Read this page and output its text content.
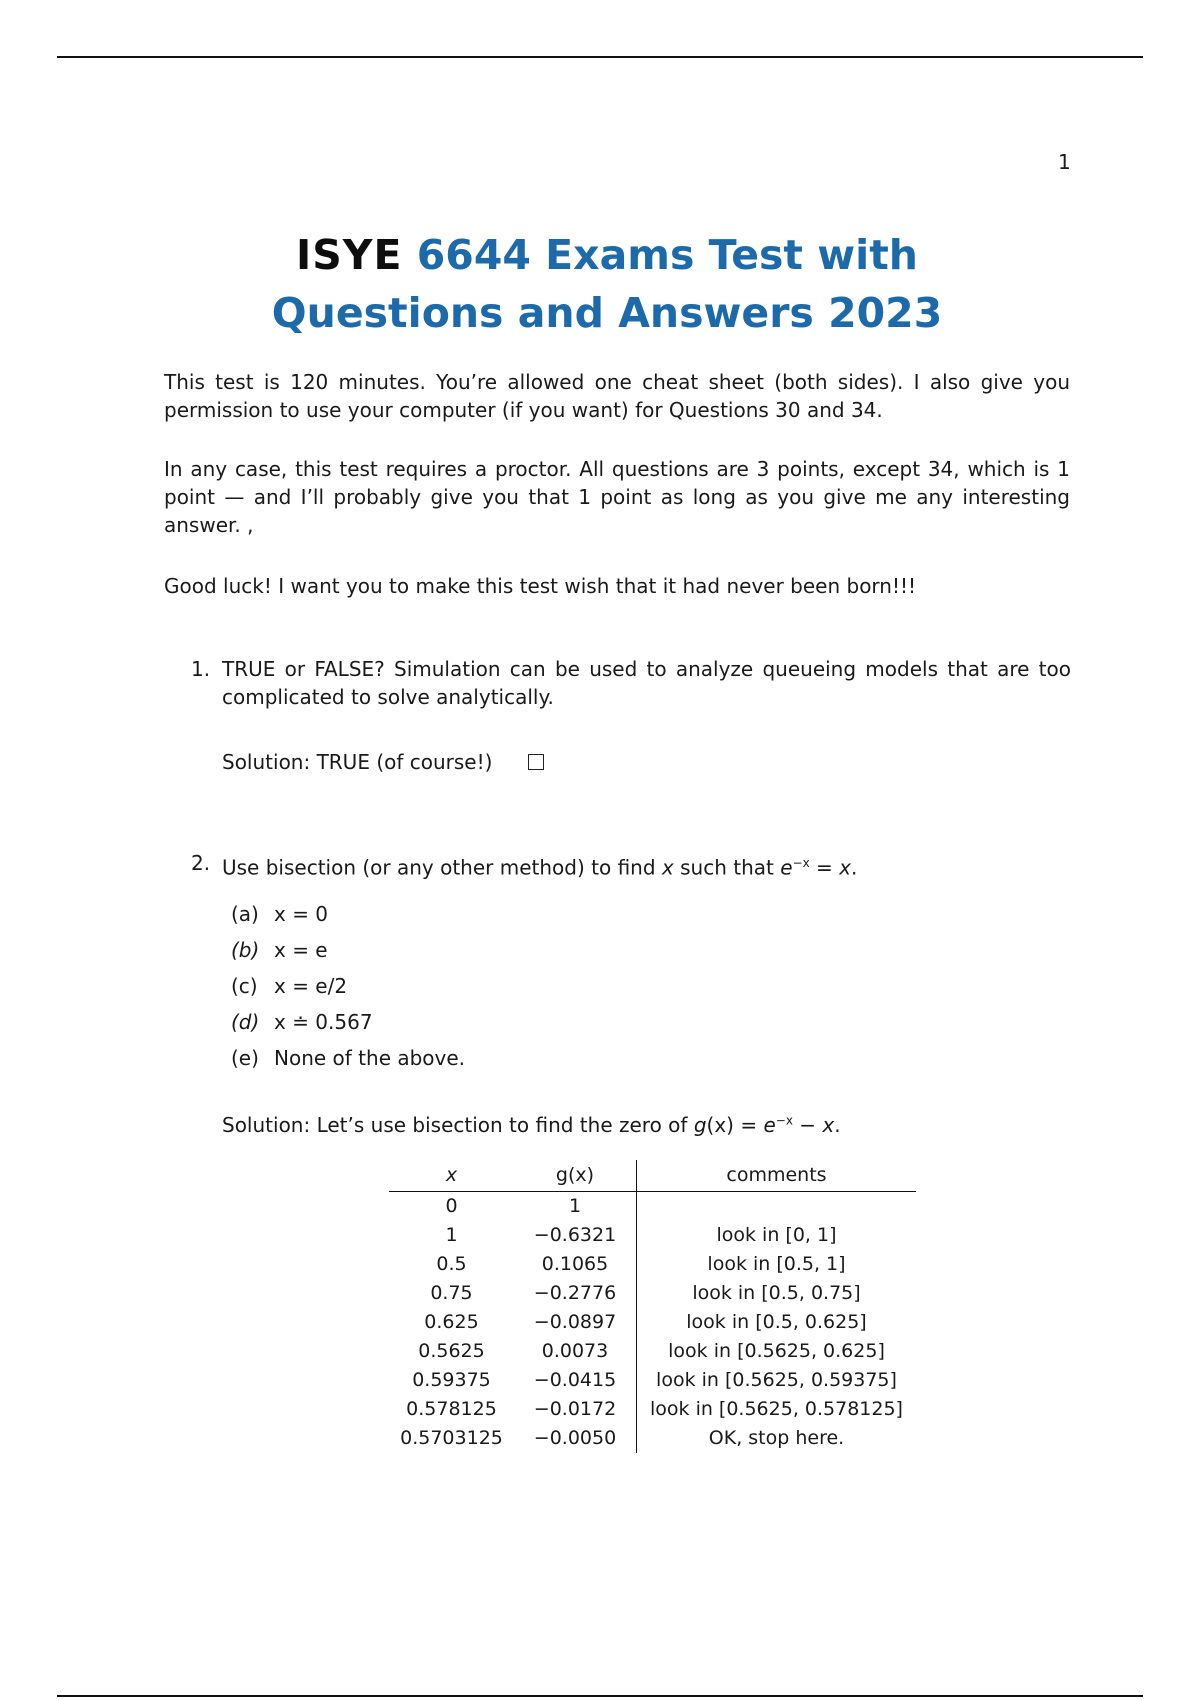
1
ISYE 6644 Exams Test with
Questions and Answers 2023

This test is 120 minutes. You’re allowed one cheat sheet (both sides). I also give you permission to use your computer (if you want) for Questions 30 and 34.

In any case, this test requires a proctor. All questions are 3 points, except 34, which is 1 point — and I’ll probably give you that 1 point as long as you give me any interesting answer. ,

Good luck! I want you to make this test wish that it had never been born!!!

1. TRUE or FALSE? Simulation can be used to analyze queueing models that are too complicated to solve analytically.
Solution: TRUE (of course!)
2. Use bisection (or any other method) to find x such that $e^{-x} = x$.
(a) x = 0
(b) x = e
(c) x = e/2
(d) x ≐ 0.567
(e) None of the above.
Solution: Let’s use bisection to find the zero of $g(x) = e^{-x} - x$.
x	g(x)	comments
0	1	
1	−0.6321	look in [0, 1]
0.5	0.1065	look in [0.5, 1]
0.75	−0.2776	look in [0.5, 0.75]
0.625	−0.0897	look in [0.5, 0.625]
0.5625	0.0073	look in [0.5625, 0.625]
0.59375	−0.0415	look in [0.5625, 0.59375]
0.578125	−0.0172	look in [0.5625, 0.578125]
0.5703125	−0.0050	OK, stop here.
